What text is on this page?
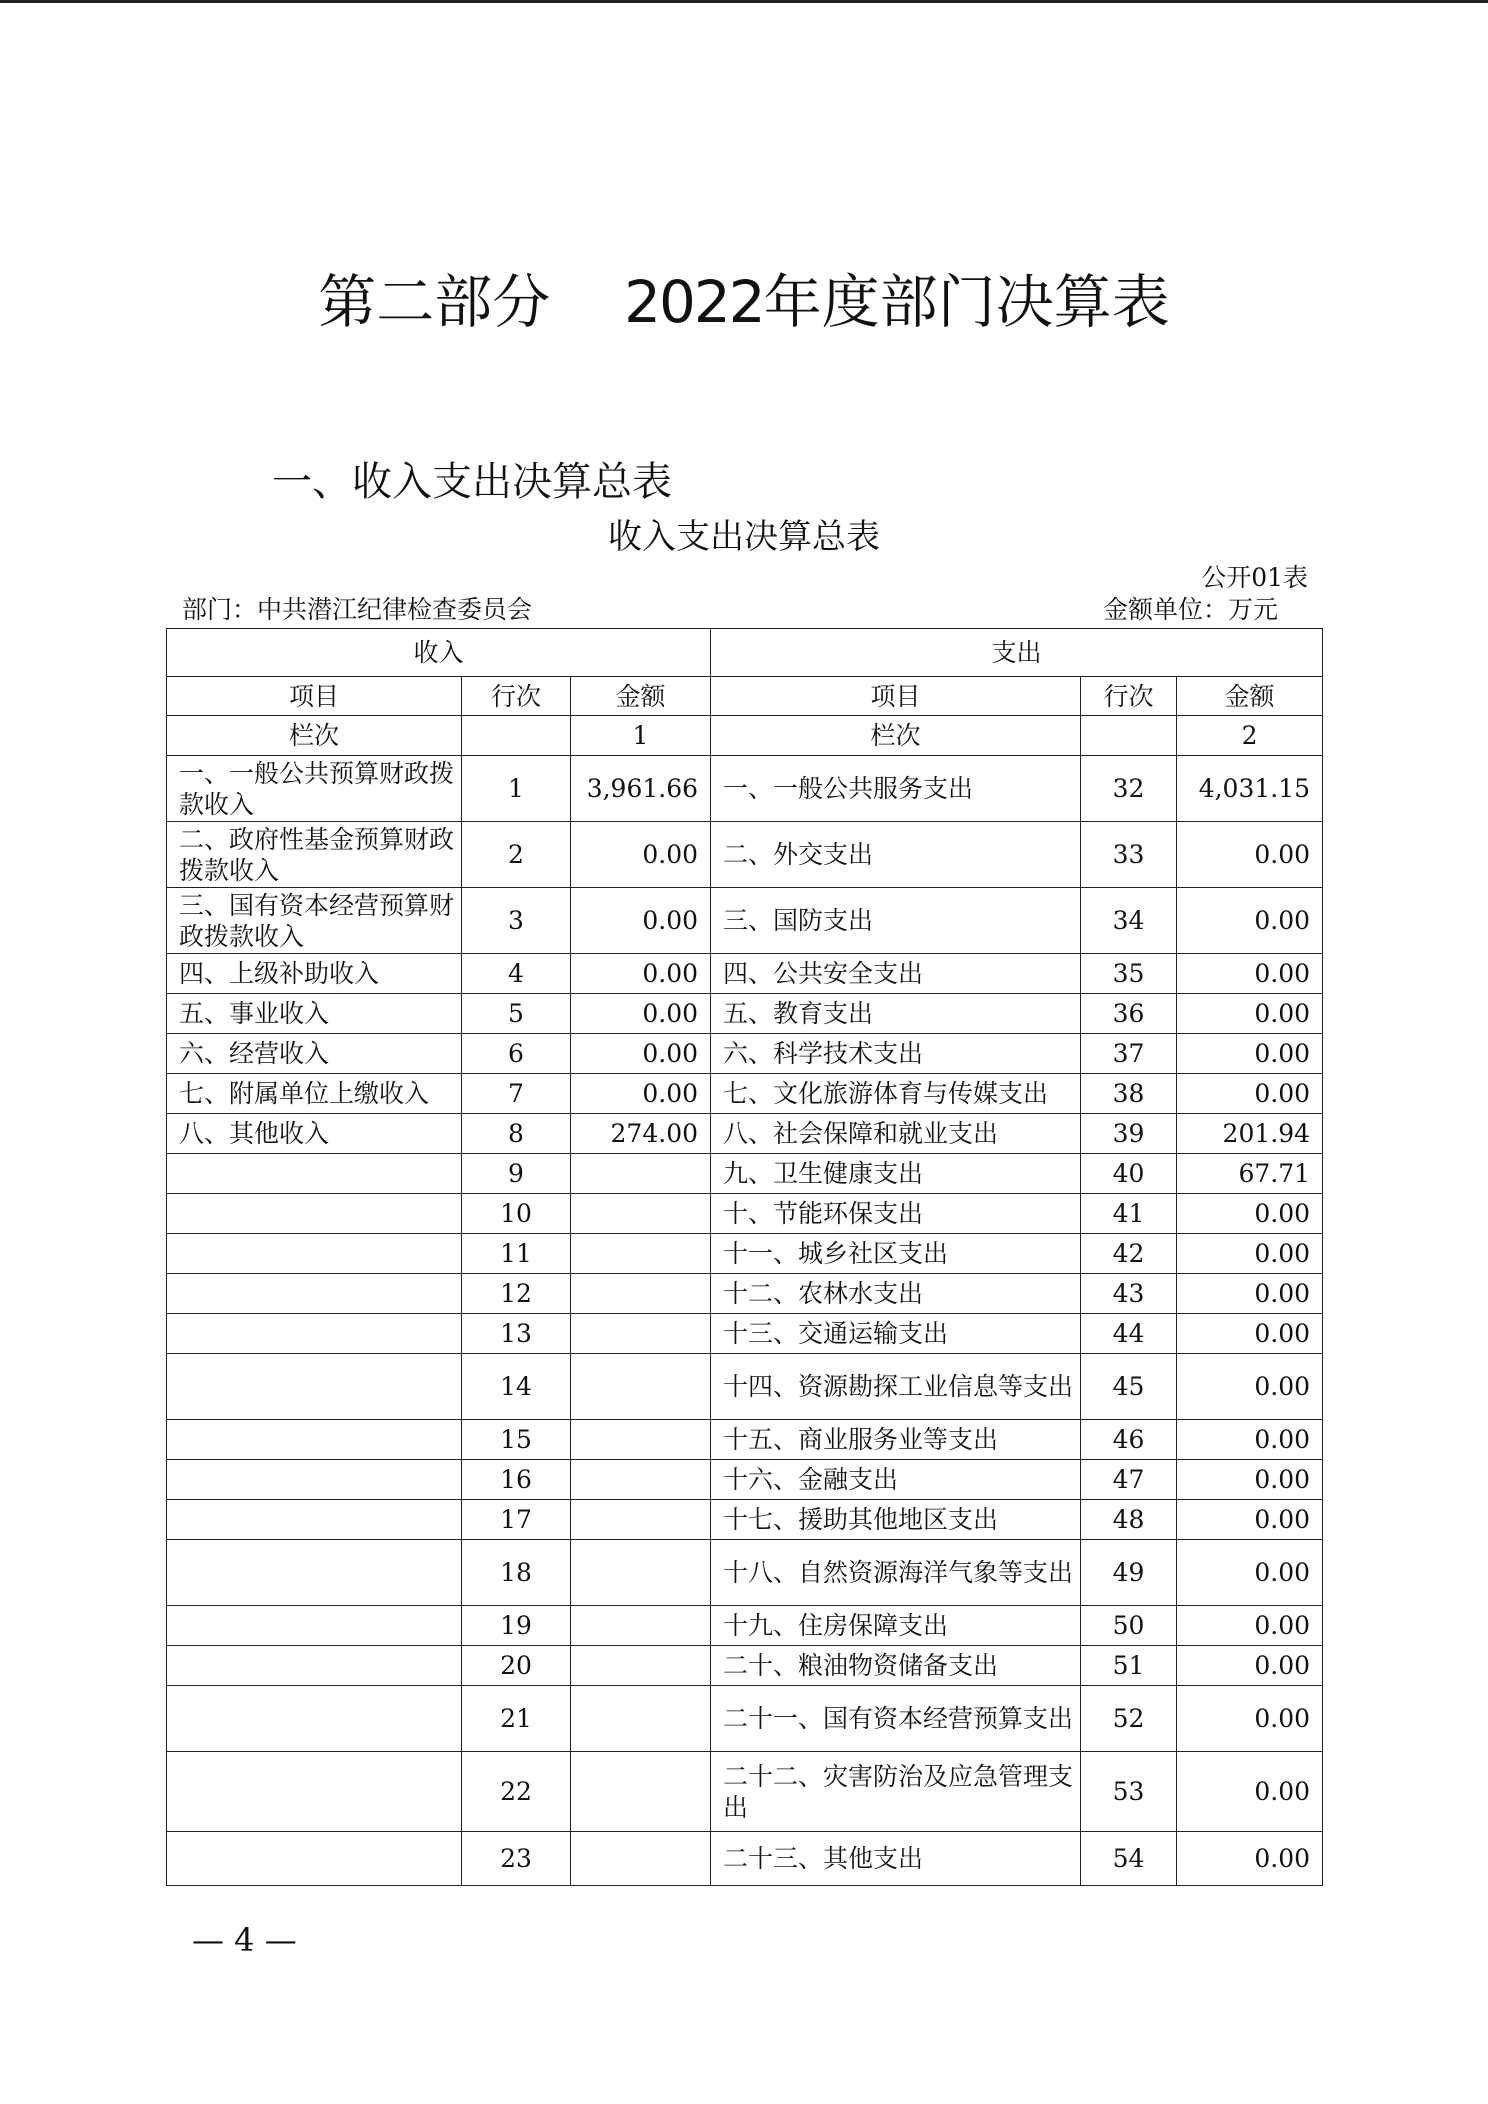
第二部分 2022年度部门决算表
一、收入支出决算总表
收入支出决算总表
公开01表
部门：中共潜江纪律检查委员会	金额单位：万元
收入			支出		
项目	行次	金额	项目	行次	金额
栏次		1	栏次		2
一、一般公共预算财政拨款收入	1	3,961.66	一、一般公共服务支出	32	4,031.15
二、政府性基金预算财政拨款收入	2	0.00	二、外交支出	33	0.00
三、国有资本经营预算财政拨款收入	3	0.00	三、国防支出	34	0.00
四、上级补助收入	4	0.00	四、公共安全支出	35	0.00
五、事业收入	5	0.00	五、教育支出	36	0.00
六、经营收入	6	0.00	六、科学技术支出	37	0.00
七、附属单位上缴收入	7	0.00	七、文化旅游体育与传媒支出	38	0.00
八、其他收入	8	274.00	八、社会保障和就业支出	39	201.94
	9		九、卫生健康支出	40	67.71
	10		十、节能环保支出	41	0.00
	11		十一、城乡社区支出	42	0.00
	12		十二、农林水支出	43	0.00
	13		十三、交通运输支出	44	0.00
	14		十四、资源勘探工业信息等支出	45	0.00
	15		十五、商业服务业等支出	46	0.00
	16		十六、金融支出	47	0.00
	17		十七、援助其他地区支出	48	0.00
	18		十八、自然资源海洋气象等支出	49	0.00
	19		十九、住房保障支出	50	0.00
	20		二十、粮油物资储备支出	51	0.00
	21		二十一、国有资本经营预算支出	52	0.00
	22		二十二、灾害防治及应急管理支出	53	0.00
	23		二十三、其他支出	54	0.00
— 4 —
